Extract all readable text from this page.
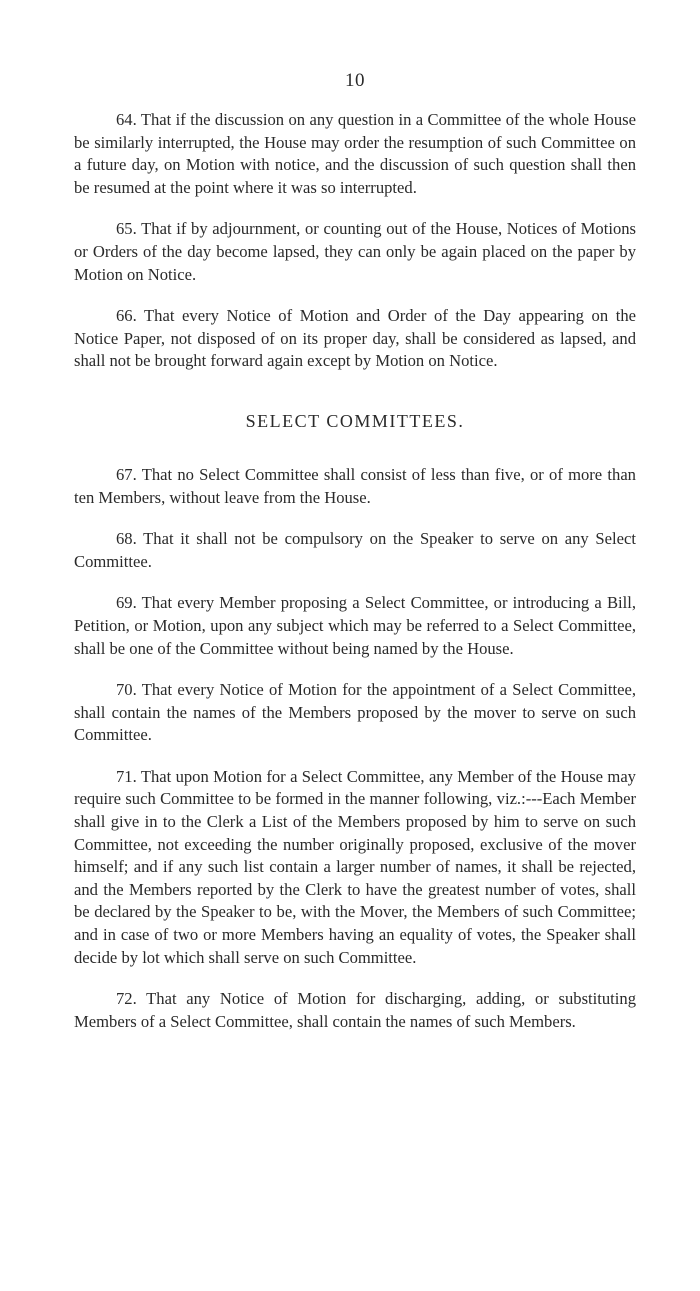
10

64. That if the discussion on any question in a Committee of the whole House be similarly interrupted, the House may order the resumption of such Committee on a future day, on Motion with notice, and the discussion of such question shall then be resumed at the point where it was so interrupted.

65. That if by adjournment, or counting out of the House, Notices of Motions or Orders of the day become lapsed, they can only be again placed on the paper by Motion on Notice.

66. That every Notice of Motion and Order of the Day appearing on the Notice Paper, not disposed of on its proper day, shall be considered as lapsed, and shall not be brought forward again except by Motion on Notice.

SELECT COMMITTEES.

67. That no Select Committee shall consist of less than five, or of more than ten Members, without leave from the House.

68. That it shall not be compulsory on the Speaker to serve on any Select Committee.

69. That every Member proposing a Select Committee, or introducing a Bill, Petition, or Motion, upon any subject which may be referred to a Select Committee, shall be one of the Committee without being named by the House.

70. That every Notice of Motion for the appointment of a Select Committee, shall contain the names of the Members proposed by the mover to serve on such Committee.

71. That upon Motion for a Select Committee, any Member of the House may require such Committee to be formed in the manner following, viz.:---Each Member shall give in to the Clerk a List of the Members proposed by him to serve on such Committee, not exceeding the number originally proposed, exclusive of the mover himself; and if any such list contain a larger number of names, it shall be rejected, and the Members reported by the Clerk to have the greatest number of votes, shall be declared by the Speaker to be, with the Mover, the Members of such Committee; and in case of two or more Members having an equality of votes, the Speaker shall decide by lot which shall serve on such Committee.

72. That any Notice of Motion for discharging, adding, or substituting Members of a Select Committee, shall contain the names of such Members.
